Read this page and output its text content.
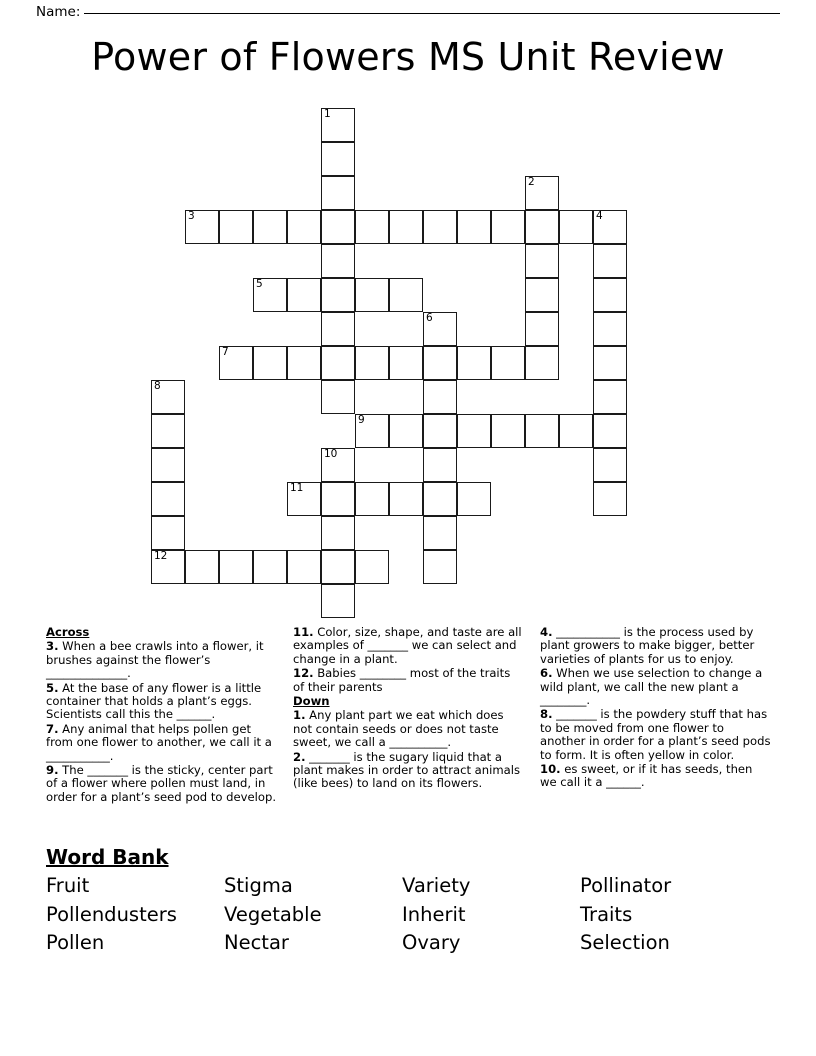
Name:
Power of Flowers MS Unit Review
1
2
3	4
5
6
7
8
12
9
10
11
Across
3. When a bee crawls into a flower, it brushes against the flower’s ______________.
5. At the base of any flower is a little container that holds a plant’s eggs. Scientists call this the ______.
7. Any animal that helps pollen get from one flower to another, we call it a ___________.
9. The _______ is the sticky, center part of a flower where pollen must land, in order for a plant’s seed pod to develop.
11. Color, size, shape, and taste are all examples of _______ we can select and change in a plant.
12. Babies ________ most of the traits of their parents
Down
1. Any plant part we eat which does not contain seeds or does not taste sweet, we call a __________.
2. _______ is the sugary liquid that a plant makes in order to attract animals (like bees) to land on its flowers.
4. ___________ is the process used by plant growers to make bigger, better varieties of plants for us to enjoy.
6. When we use selection to change a wild plant, we call the new plant a ________.
8. _______ is the powdery stuff that has to be moved from one flower to another in order for a plant’s seed pods to form. It is often yellow in color.
10. es sweet, or if it has seeds, then we call it a ______.
Word Bank
Fruit	Stigma	Variety	Pollinator
Pollendusters	Vegetable	Inherit	Traits
Pollen	Nectar	Ovary	Selection
